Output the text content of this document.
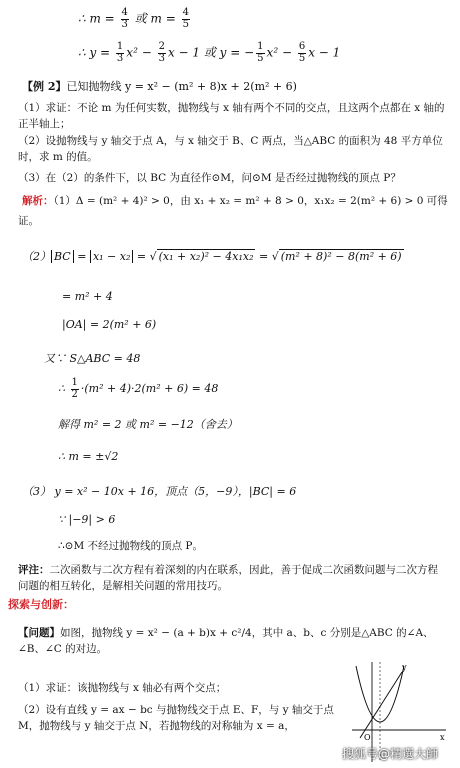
∴ $m = \frac{4}{3}$ 或 $m = \frac{4}{5}$
∴ $y = \frac{1}{3} x^2 - \frac{2}{3}$ x − 1 或 y = − $\frac{1}{5} x^2 - \frac{6}{5}$ x − 1
【例 2】已知抛物线 y = x² − (m² + 8)x + 2(m² + 6)
（1）求证：不论 m 为任何实数，抛物线与 x 轴有两个不同的交点，且这两个点都在 x 轴的正半轴上；
（2）设抛物线与 y 轴交于点 A，与 x 轴交于 B、C 两点，当△ABC 的面积为 48 平方单位时，求 m 的值。
（3）在（2）的条件下，以 BC 为直径作⊙M，问⊙M 是否经过抛物线的顶点 P？
解析：（1）Δ = (m² + 4)² > 0，由 x₁ + x₂ = m² + 8 > 0，x₁x₂ = 2(m² + 6) > 0 可得
证。
（2） BC = x₁ − x₂ = √ (x₁ + x₂)² − 4x₁x₂ = √ (m² + 8)² − 8(m² + 6)
= m² + 4
|OA| = 2(m² + 6)
又∵ S△ABC = 48
∴ $\frac{1}{2} \cdot(m^2 + 4)\cdot 2(m^2 + 6) = 48$
解得 m² = 2 或 m² = −12（舍去）
∴ m = ±√2
（3） y = x² − 10x + 16，顶点（5，−9），|BC| = 6
∵ |−9| > 6
∴⊙M 不经过抛物线的顶点 P。
评注：二次函数与二次方程有着深刻的内在联系，因此，善于促成二次函数问题与二次方程问题的相互转化，是解相关问题的常用技巧。
探索与创新：
【问题】如图，抛物线 y = x² − (a + b)x + c²/4，其中 a、b、c 分别是△ABC 的∠A、∠B、∠C 的对边。
（1）求证：该抛物线与 x 轴必有两个交点；
（2）设有直线 y = ax − bc 与抛物线交于点 E、F，与 y 轴交于点 M，抛物线与 y 轴交于点 N，若抛物线的对称轴为 x = a，
y
x
O
搜狐号@精選大師
